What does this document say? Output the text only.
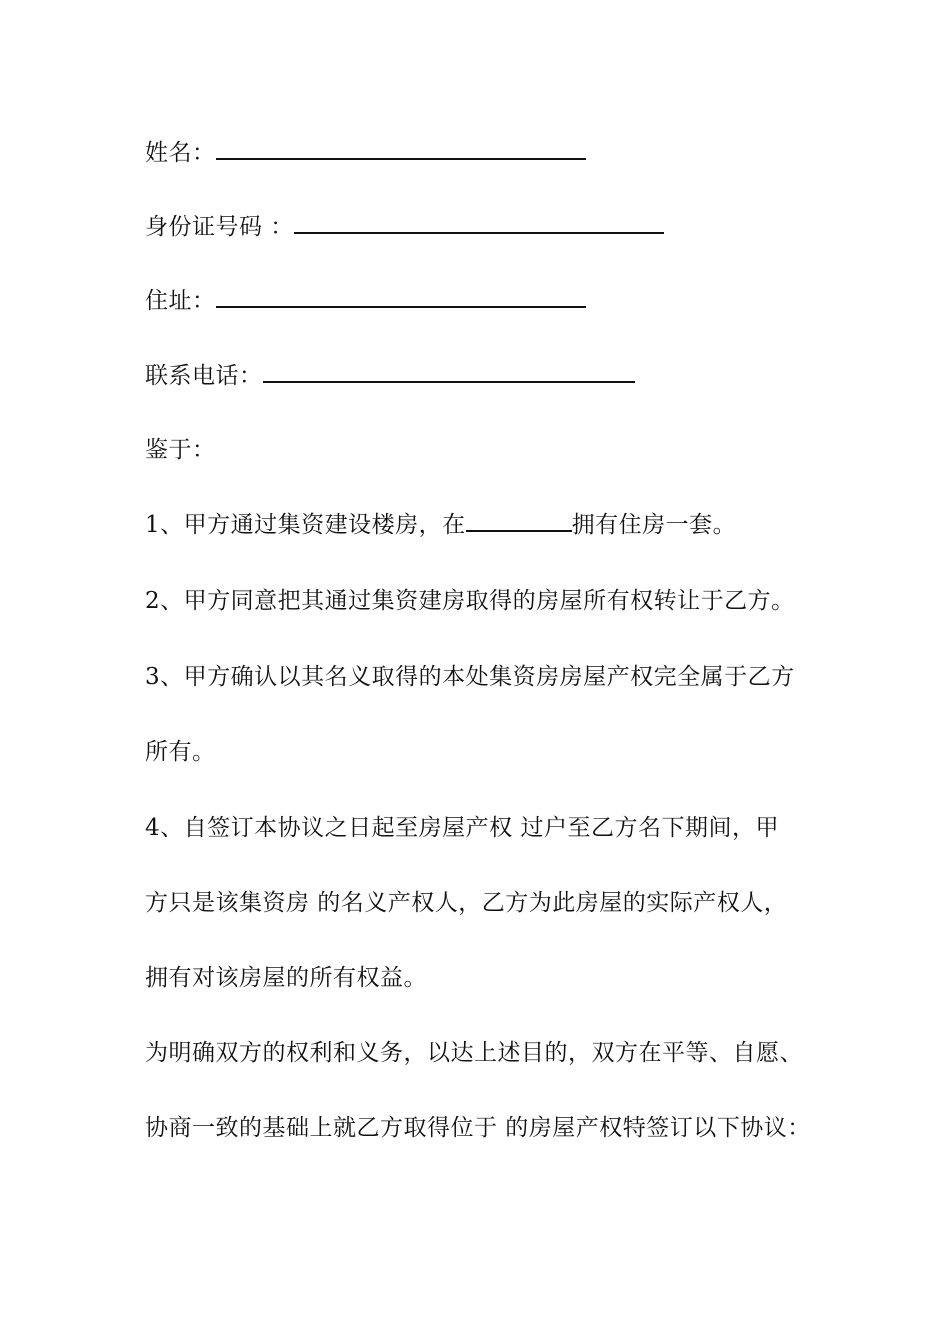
姓名：
身份证号码 ：
住址：
联系电话：
鉴于：
1、甲方通过集资建设楼房，在	拥有住房一套。
2、甲方同意把其通过集资建房取得的房屋所有权转让于乙方。
3、甲方确认以其名义取得的本处集资房房屋产权完全属于乙方
所有。
4、自签订本协议之日起至房屋产权 过户至乙方名下期间，甲
方只是该集资房 的名义产权人，乙方为此房屋的实际产权人，
拥有对该房屋的所有权益。
为明确双方的权利和义务，以达上述目的，双方在平等、自愿、
协商一致的基础上就乙方取得位于 的房屋产权特签订以下协议：
